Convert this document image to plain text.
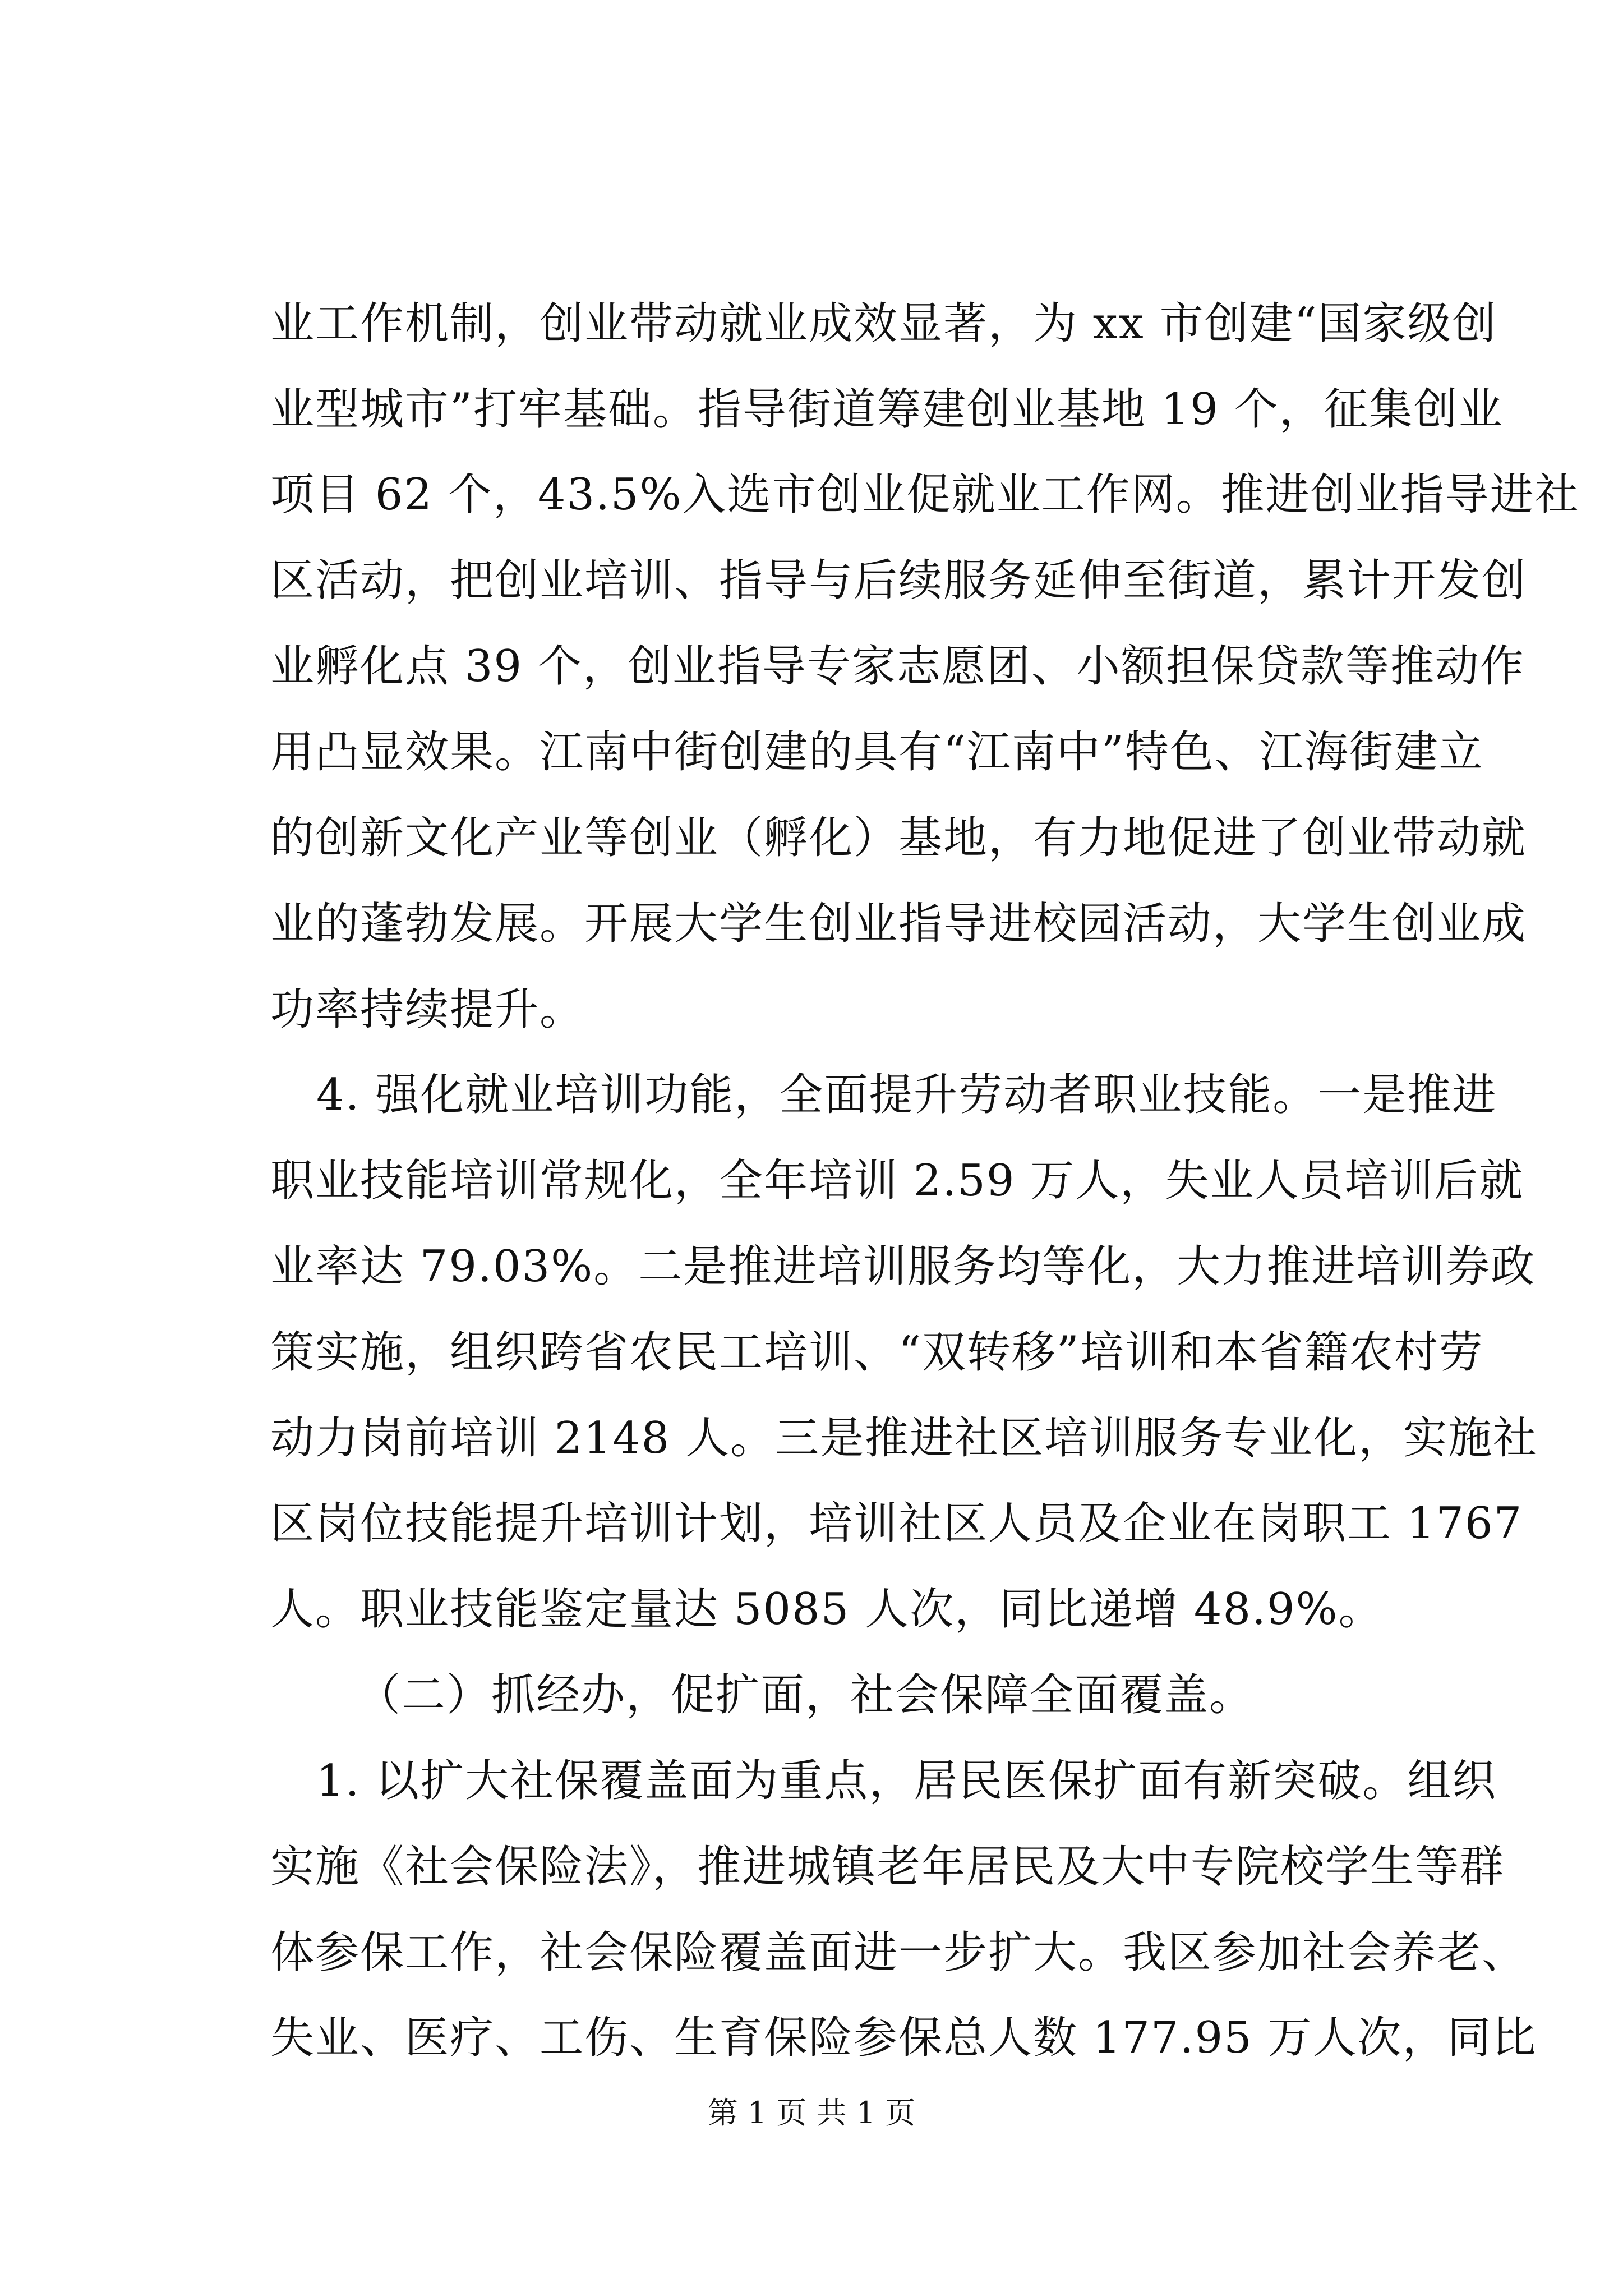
业工作机制，创业带动就业成效显著，为 xx 市创建“国家级创
业型城市”打牢基础。指导街道筹建创业基地 19 个，征集创业
项目 62 个，43.5%入选市创业促就业工作网。推进创业指导进社
区活动，把创业培训、指导与后续服务延伸至街道，累计开发创
业孵化点 39 个，创业指导专家志愿团、小额担保贷款等推动作
用凸显效果。江南中街创建的具有“江南中”特色、江海街建立
的创新文化产业等创业（孵化）基地，有力地促进了创业带动就
业的蓬勃发展。开展大学生创业指导进校园活动，大学生创业成
功率持续提升。
4. 强化就业培训功能，全面提升劳动者职业技能。一是推进
职业技能培训常规化，全年培训 2.59 万人，失业人员培训后就
业率达 79.03%。二是推进培训服务均等化，大力推进培训券政
策实施，组织跨省农民工培训、“双转移”培训和本省籍农村劳
动力岗前培训 2148 人。三是推进社区培训服务专业化，实施社
区岗位技能提升培训计划，培训社区人员及企业在岗职工 1767
人。职业技能鉴定量达 5085 人次，同比递增 48.9%。
（二）抓经办，促扩面，社会保障全面覆盖。
1. 以扩大社保覆盖面为重点，居民医保扩面有新突破。组织
实施《社会保险法》，推进城镇老年居民及大中专院校学生等群
体参保工作，社会保险覆盖面进一步扩大。我区参加社会养老、
失业、医疗、工伤、生育保险参保总人数 177.95 万人次，同比
第 1 页 共 1 页
